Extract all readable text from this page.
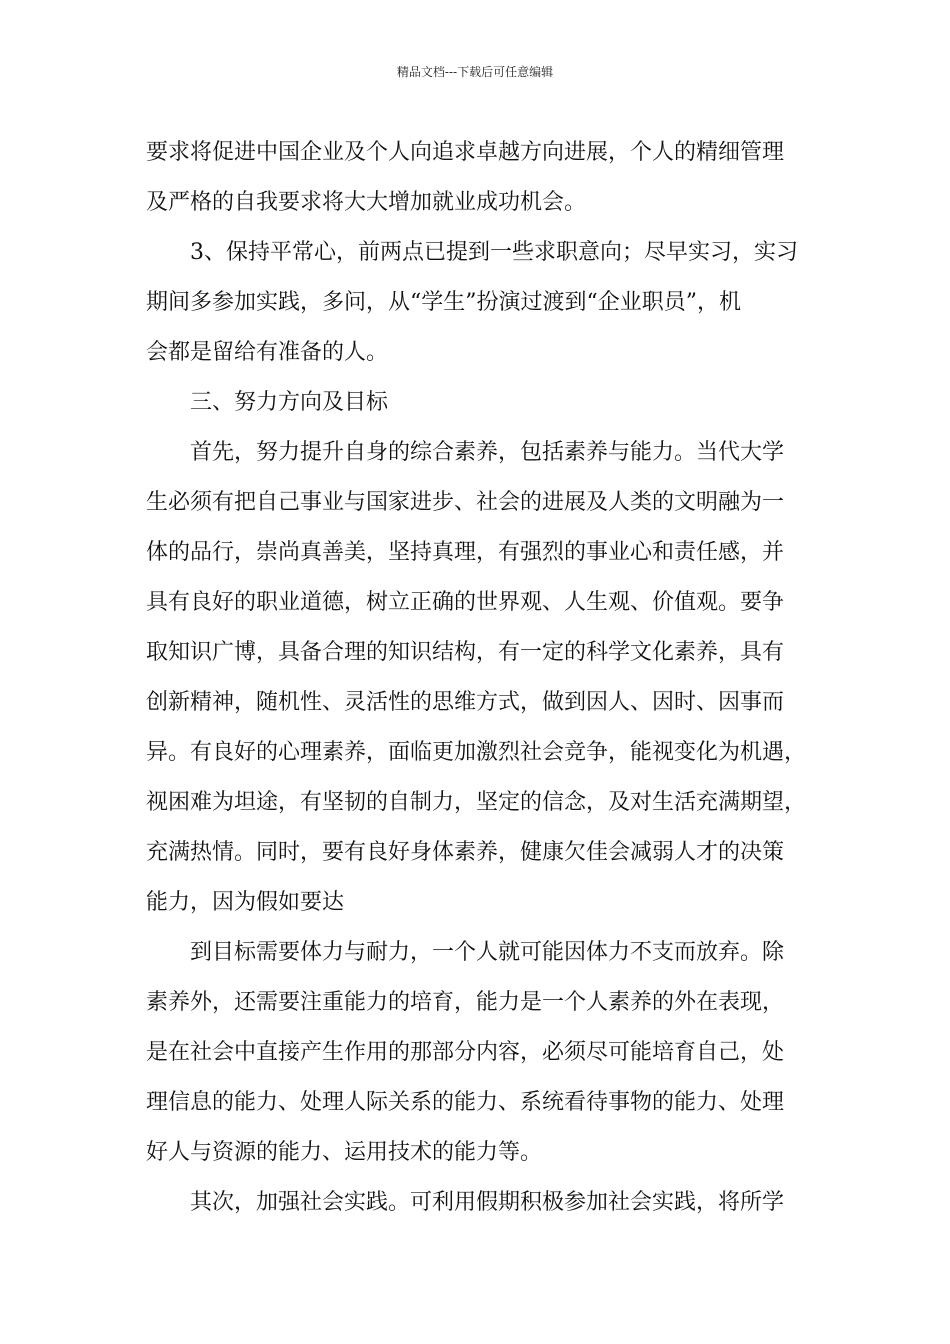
精品文档---下载后可任意编辑
要求将促进中国企业及个人向追求卓越方向进展，个人的精细管理
及严格的自我要求将大大增加就业成功机会。
3、保持平常心，前两点已提到一些求职意向；尽早实习，实习
期间多参加实践，多问，从“学生”扮演过渡到“企业职员”，机
会都是留给有准备的人。
三、努力方向及目标
首先，努力提升自身的综合素养，包括素养与能力。当代大学
生必须有把自己事业与国家进步、社会的进展及人类的文明融为一
体的品行，崇尚真善美，坚持真理，有强烈的事业心和责任感，并
具有良好的职业道德，树立正确的世界观、人生观、价值观。要争
取知识广博，具备合理的知识结构，有一定的科学文化素养，具有
创新精神，随机性、灵活性的思维方式，做到因人、因时、因事而
异。有良好的心理素养，面临更加激烈社会竞争，能视变化为机遇，
视困难为坦途，有坚韧的自制力，坚定的信念，及对生活充满期望，
充满热情。同时，要有良好身体素养，健康欠佳会减弱人才的决策
能力，因为假如要达
到目标需要体力与耐力，一个人就可能因体力不支而放弃。除
素养外，还需要注重能力的培育，能力是一个人素养的外在表现，
是在社会中直接产生作用的那部分内容，必须尽可能培育自己，处
理信息的能力、处理人际关系的能力、系统看待事物的能力、处理
好人与资源的能力、运用技术的能力等。
其次，加强社会实践。可利用假期积极参加社会实践，将所学
